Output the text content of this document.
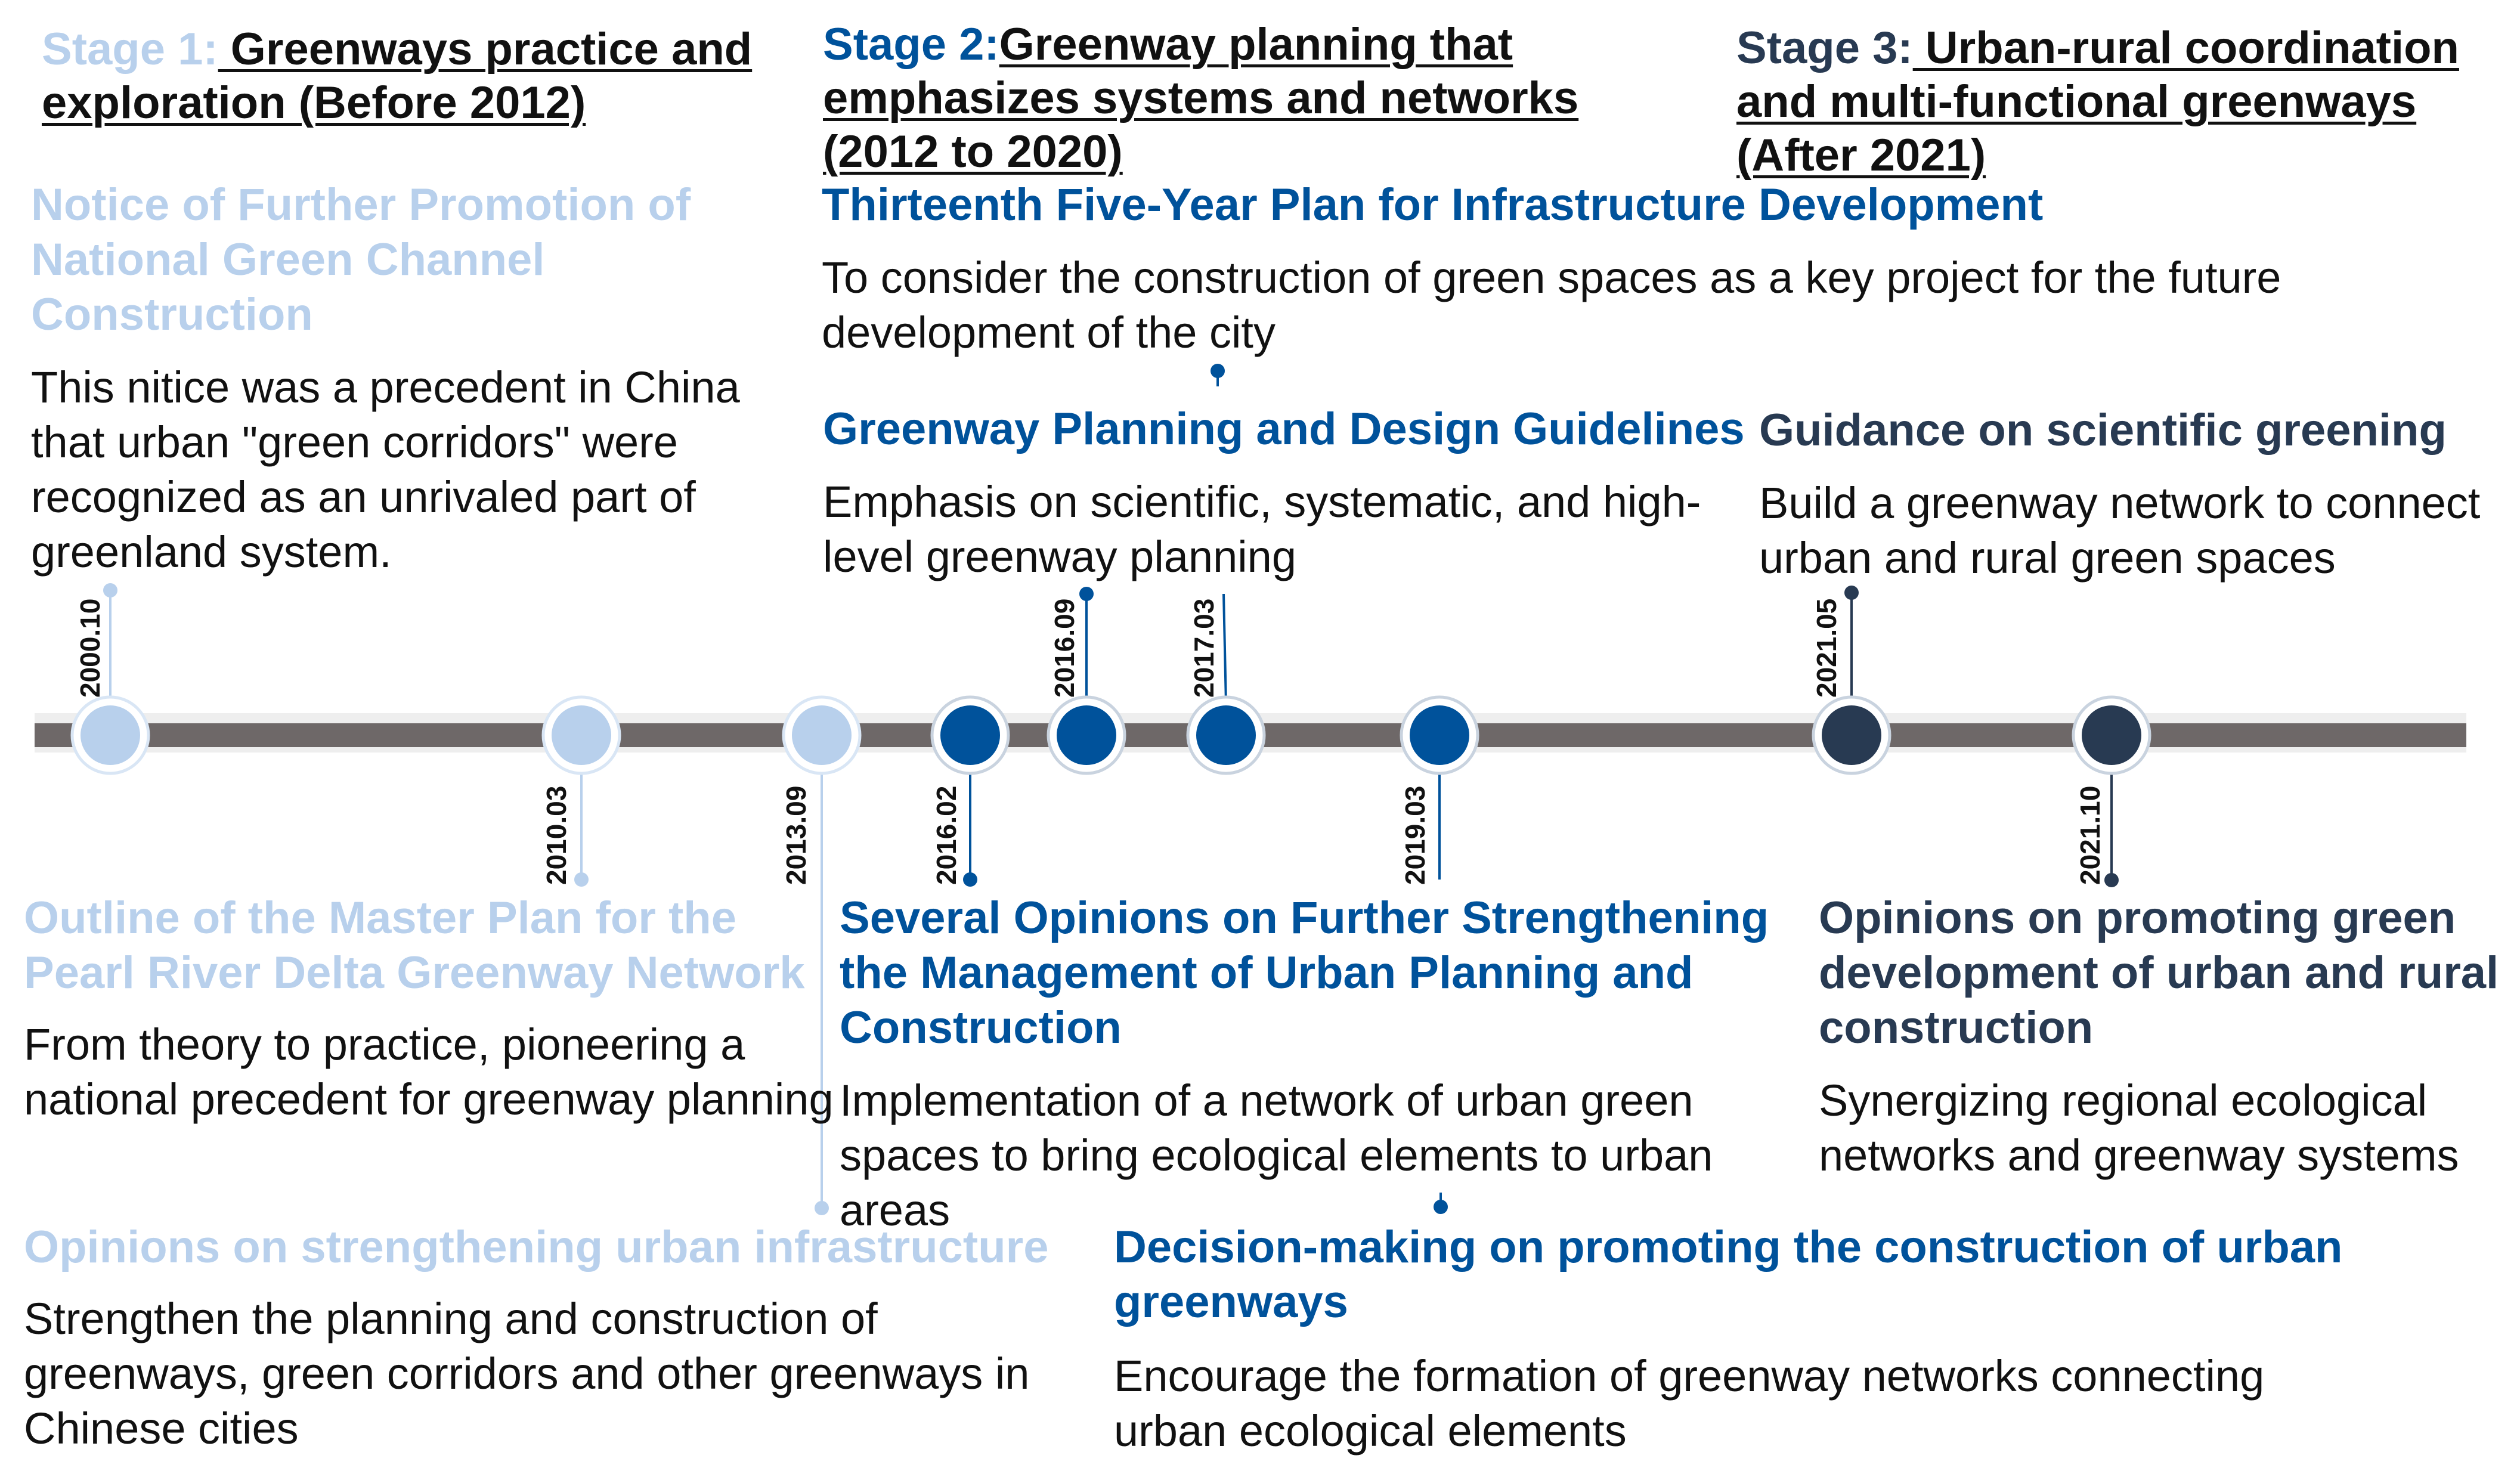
Stage 1: Greenways practice and exploration (Before 2012)
Stage 2:Greenway planning that emphasizes systems and networks (2012 to 2020)
Stage 3: Urban-rural coordination and multi-functional greenways (After 2021)
Notice of Further Promotion of National Green Channel Construction
This nitice was a precedent in China that urban "green corridors" were recognized as an unrivaled part of greenland system.
Thirteenth Five-Year Plan for Infrastructure Development
To consider the construction of green spaces as a key project for the future development of the city
Greenway Planning and Design Guidelines
Emphasis on scientific, systematic, and high-level greenway planning
Guidance on scientific greening
Build a greenway network to connect urban and rural green spaces
Outline of the Master Plan for the Pearl River Delta Greenway Network
From theory to practice, pioneering a national precedent for greenway planning
Several Opinions on Further Strengthening the Management of Urban Planning and Construction
Implementation of a network of urban green spaces to bring ecological elements to urban areas
Opinions on promoting green development of urban and rural construction
Synergizing regional ecological networks and greenway systems
Opinions on strengthening urban infrastructure
Strengthen the planning and construction of greenways, green corridors and other greenways in Chinese cities
Decision-making on promoting the construction of urban greenways
Encourage the formation of greenway networks connecting urban ecological elements
2000.10
2010.03	2013.09	2016.02
2016.09	2017.03
2019.03
2021.05
2021.10
